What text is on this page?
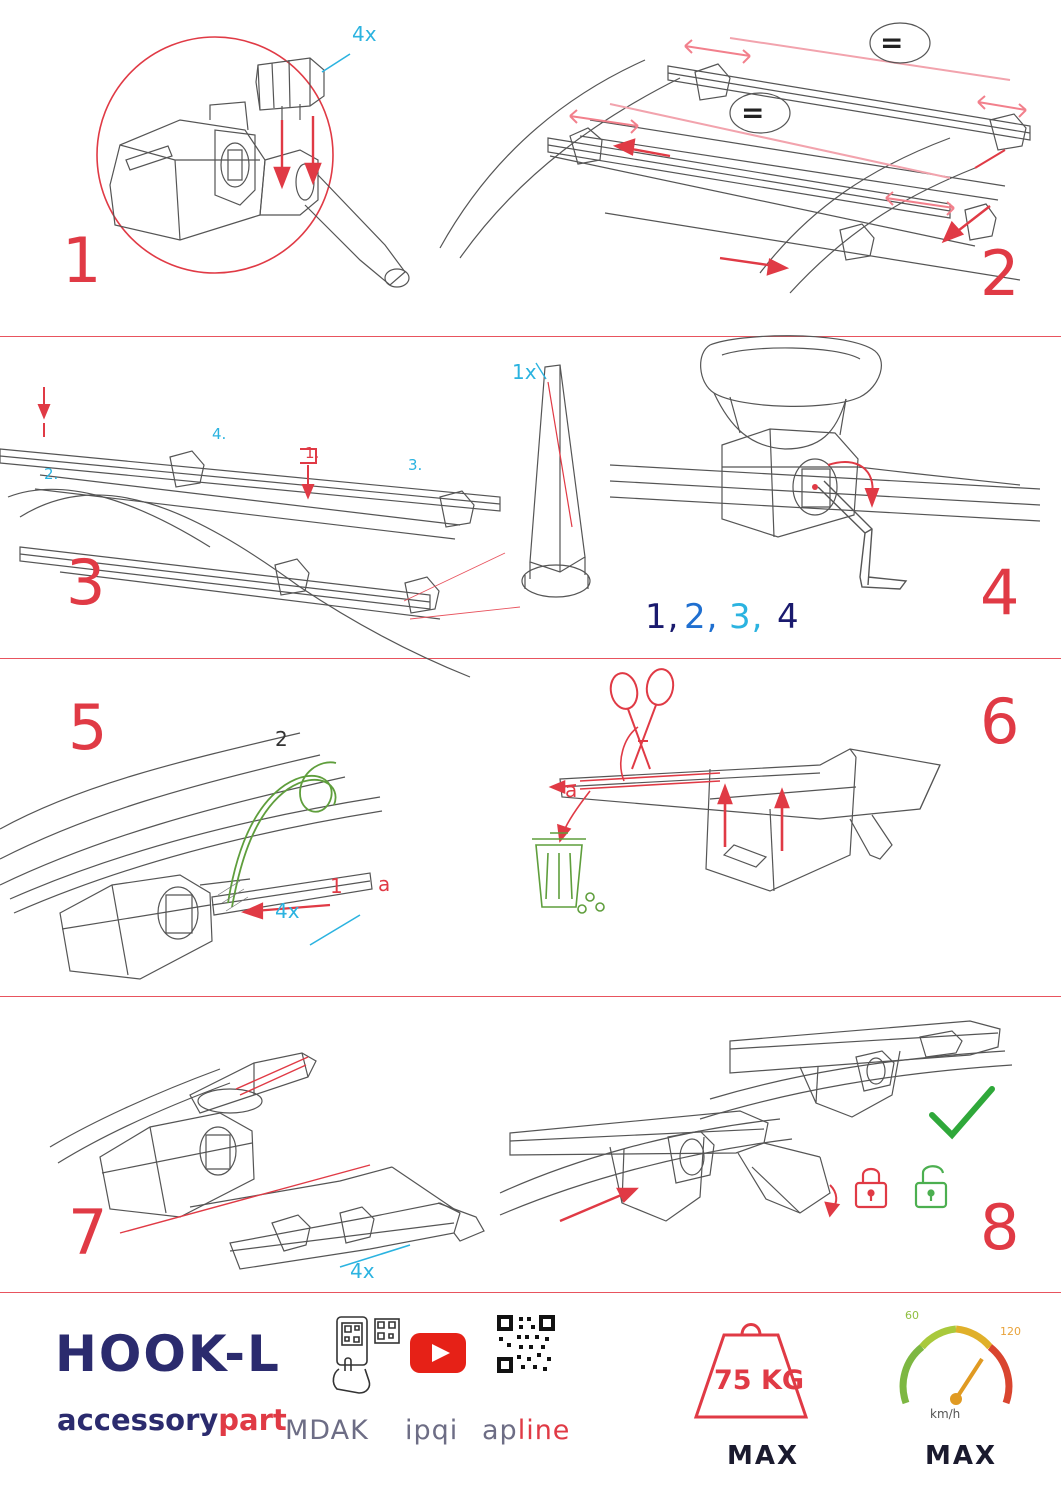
4x
1
=
=
2
1x
1.
2.	3.
4.
3	1, 2, 3, 4	4
1 a
2
4x
5
a
6
4x
7	8
HOOK-L
accessorypart
MDAK ipqi apline
75 KG
MAX
60
120
km/h
MAX
